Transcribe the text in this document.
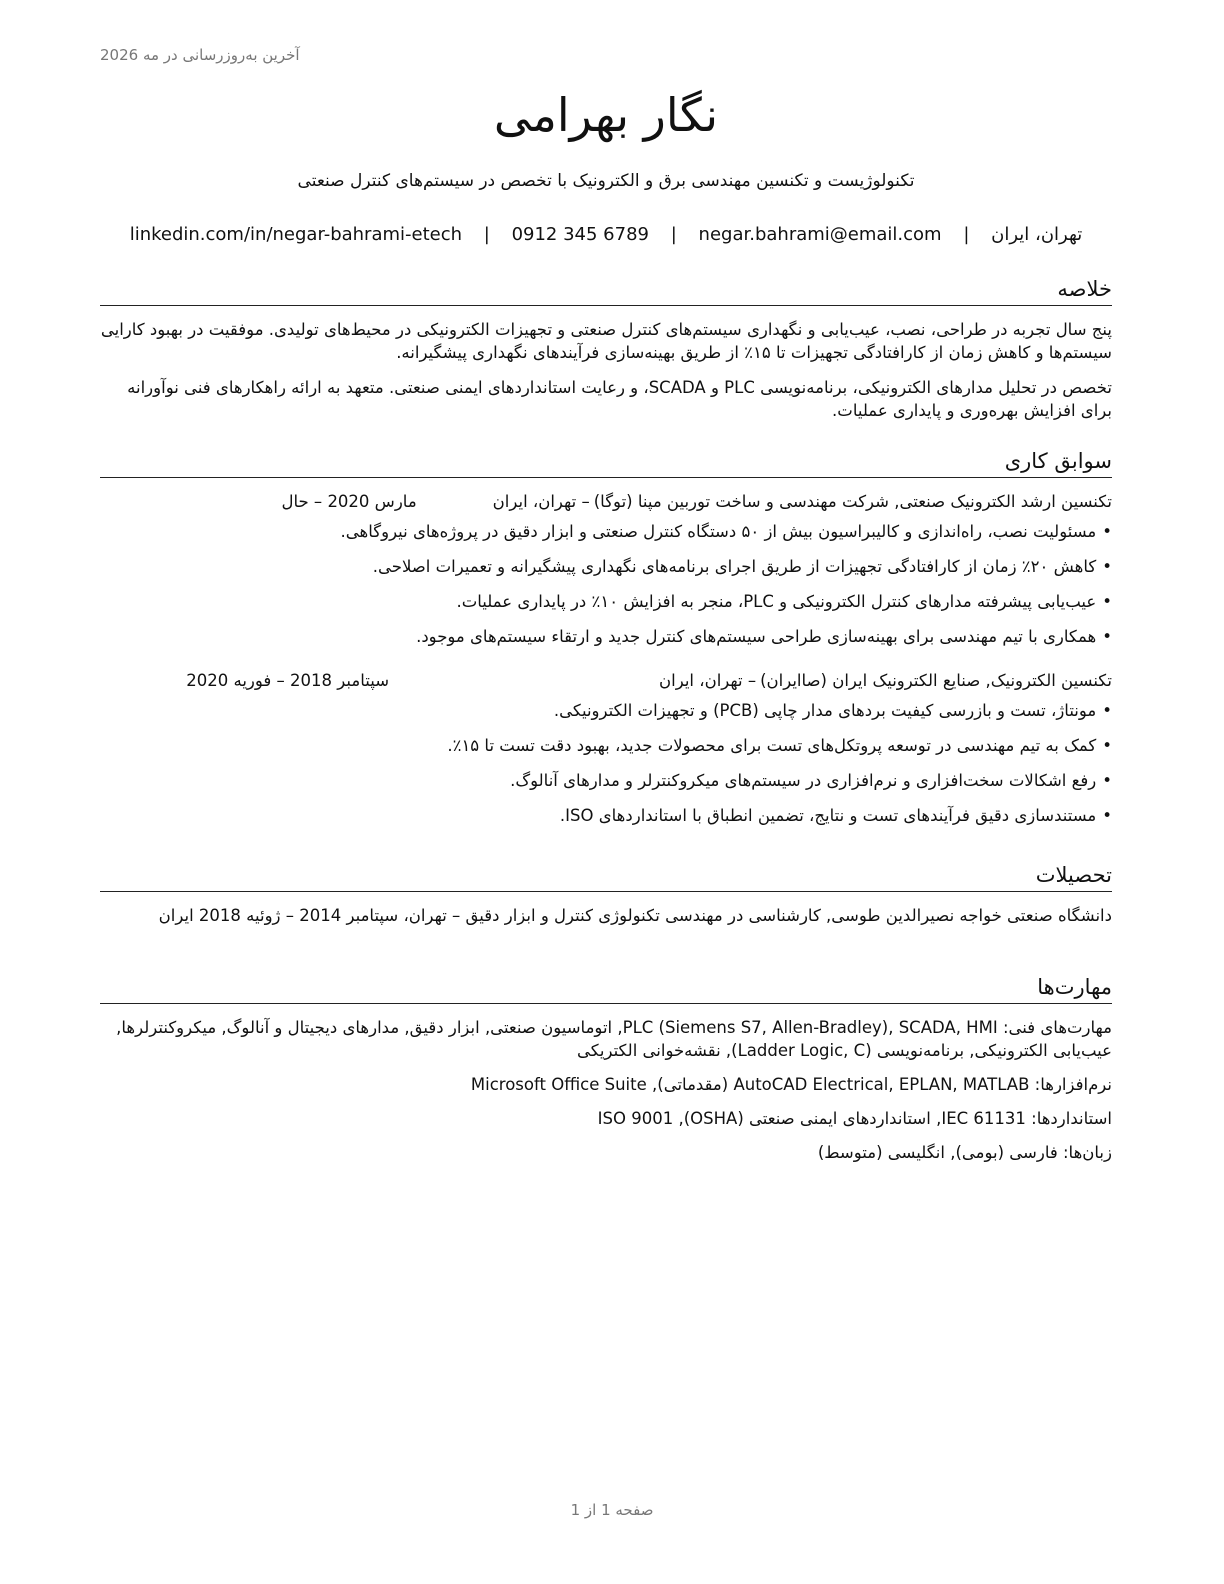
آخرین به‌روزرسانی در مه 2026
نگار بهرامی
تکنولوژیست و تکنسین مهندسی برق و الکترونیک با تخصص در سیستم‌های کنترل صنعتی
تهران، ایران | negar.bahrami@email.com | 0912 345 6789 | linkedin.com/in/negar-bahrami-etech
خلاصه

پنج سال تجربه در طراحی، نصب، عیب‌یابی و نگهداری سیستم‌های کنترل صنعتی و تجهیزات الکترونیکی در محیط‌های تولیدی. موفقیت در بهبود کارایی سیستم‌ها و کاهش زمان از کارافتادگی تجهیزات تا ۱۵٪ از طریق بهینه‌سازی فرآیندهای نگهداری پیشگیرانه.

تخصص در تحلیل مدارهای الکترونیکی، برنامه‌نویسی PLC و SCADA، و رعایت استانداردهای ایمنی صنعتی. متعهد به ارائه راهکارهای فنی نوآورانه برای افزایش بهره‌وری و پایداری عملیات.

سوابق کاری
تکنسین ارشد الکترونیک صنعتی, شرکت مهندسی و ساخت توربین مپنا (توگا)
– تهران، ایران
مارس 2020 – حال
• مسئولیت نصب، راه‌اندازی و کالیبراسیون بیش از ۵۰ دستگاه کنترل صنعتی و ابزار دقیق در پروژه‌های نیروگاهی.
• کاهش ۲۰٪ زمان از کارافتادگی تجهیزات از طریق اجرای برنامه‌های نگهداری پیشگیرانه و تعمیرات اصلاحی.
• عیب‌یابی پیشرفته مدارهای کنترل الکترونیکی و PLC، منجر به افزایش ۱۰٪ در پایداری عملیات.
• همکاری با تیم مهندسی برای بهینه‌سازی طراحی سیستم‌های کنترل جدید و ارتقاء سیستم‌های موجود.
تکنسین الکترونیک, صنایع الکترونیک ایران (صاایران)
– تهران، ایران
سپتامبر 2018 – فوریه 2020
• مونتاژ، تست و بازرسی کیفیت بردهای مدار چاپی (PCB) و تجهیزات الکترونیکی.
• کمک به تیم مهندسی در توسعه پروتکل‌های تست برای محصولات جدید، بهبود دقت تست تا ۱۵٪.
• رفع اشکالات سخت‌افزاری و نرم‌افزاری در سیستم‌های میکروکنترلر و مدارهای آنالوگ.
• مستندسازی دقیق فرآیندهای تست و نتایج، تضمین انطباق با استانداردهای ISO.
تحصیلات
دانشگاه صنعتی خواجه نصیرالدین طوسی, کارشناسی در مهندسی تکنولوژی کنترل و ابزار دقیق – تهران، سپتامبر 2014 – ژوئیه 2018 ایران
مهارت‌ها
مهارت‌های فنی: PLC (Siemens S7, Allen-Bradley), SCADA, HMI, اتوماسیون صنعتی, ابزار دقیق, مدارهای دیجیتال و آنالوگ, میکروکنترلرها, عیب‌یابی الکترونیکی, برنامه‌نویسی (Ladder Logic, C), نقشه‌خوانی الکتریکی
نرم‌افزارها: AutoCAD Electrical, EPLAN, MATLAB (مقدماتی), Microsoft Office Suite
استانداردها: IEC 61131, استانداردهای ایمنی صنعتی (OSHA), ISO 9001
زبان‌ها: فارسی (بومی), انگلیسی (متوسط)
صفحه 1 از 1
